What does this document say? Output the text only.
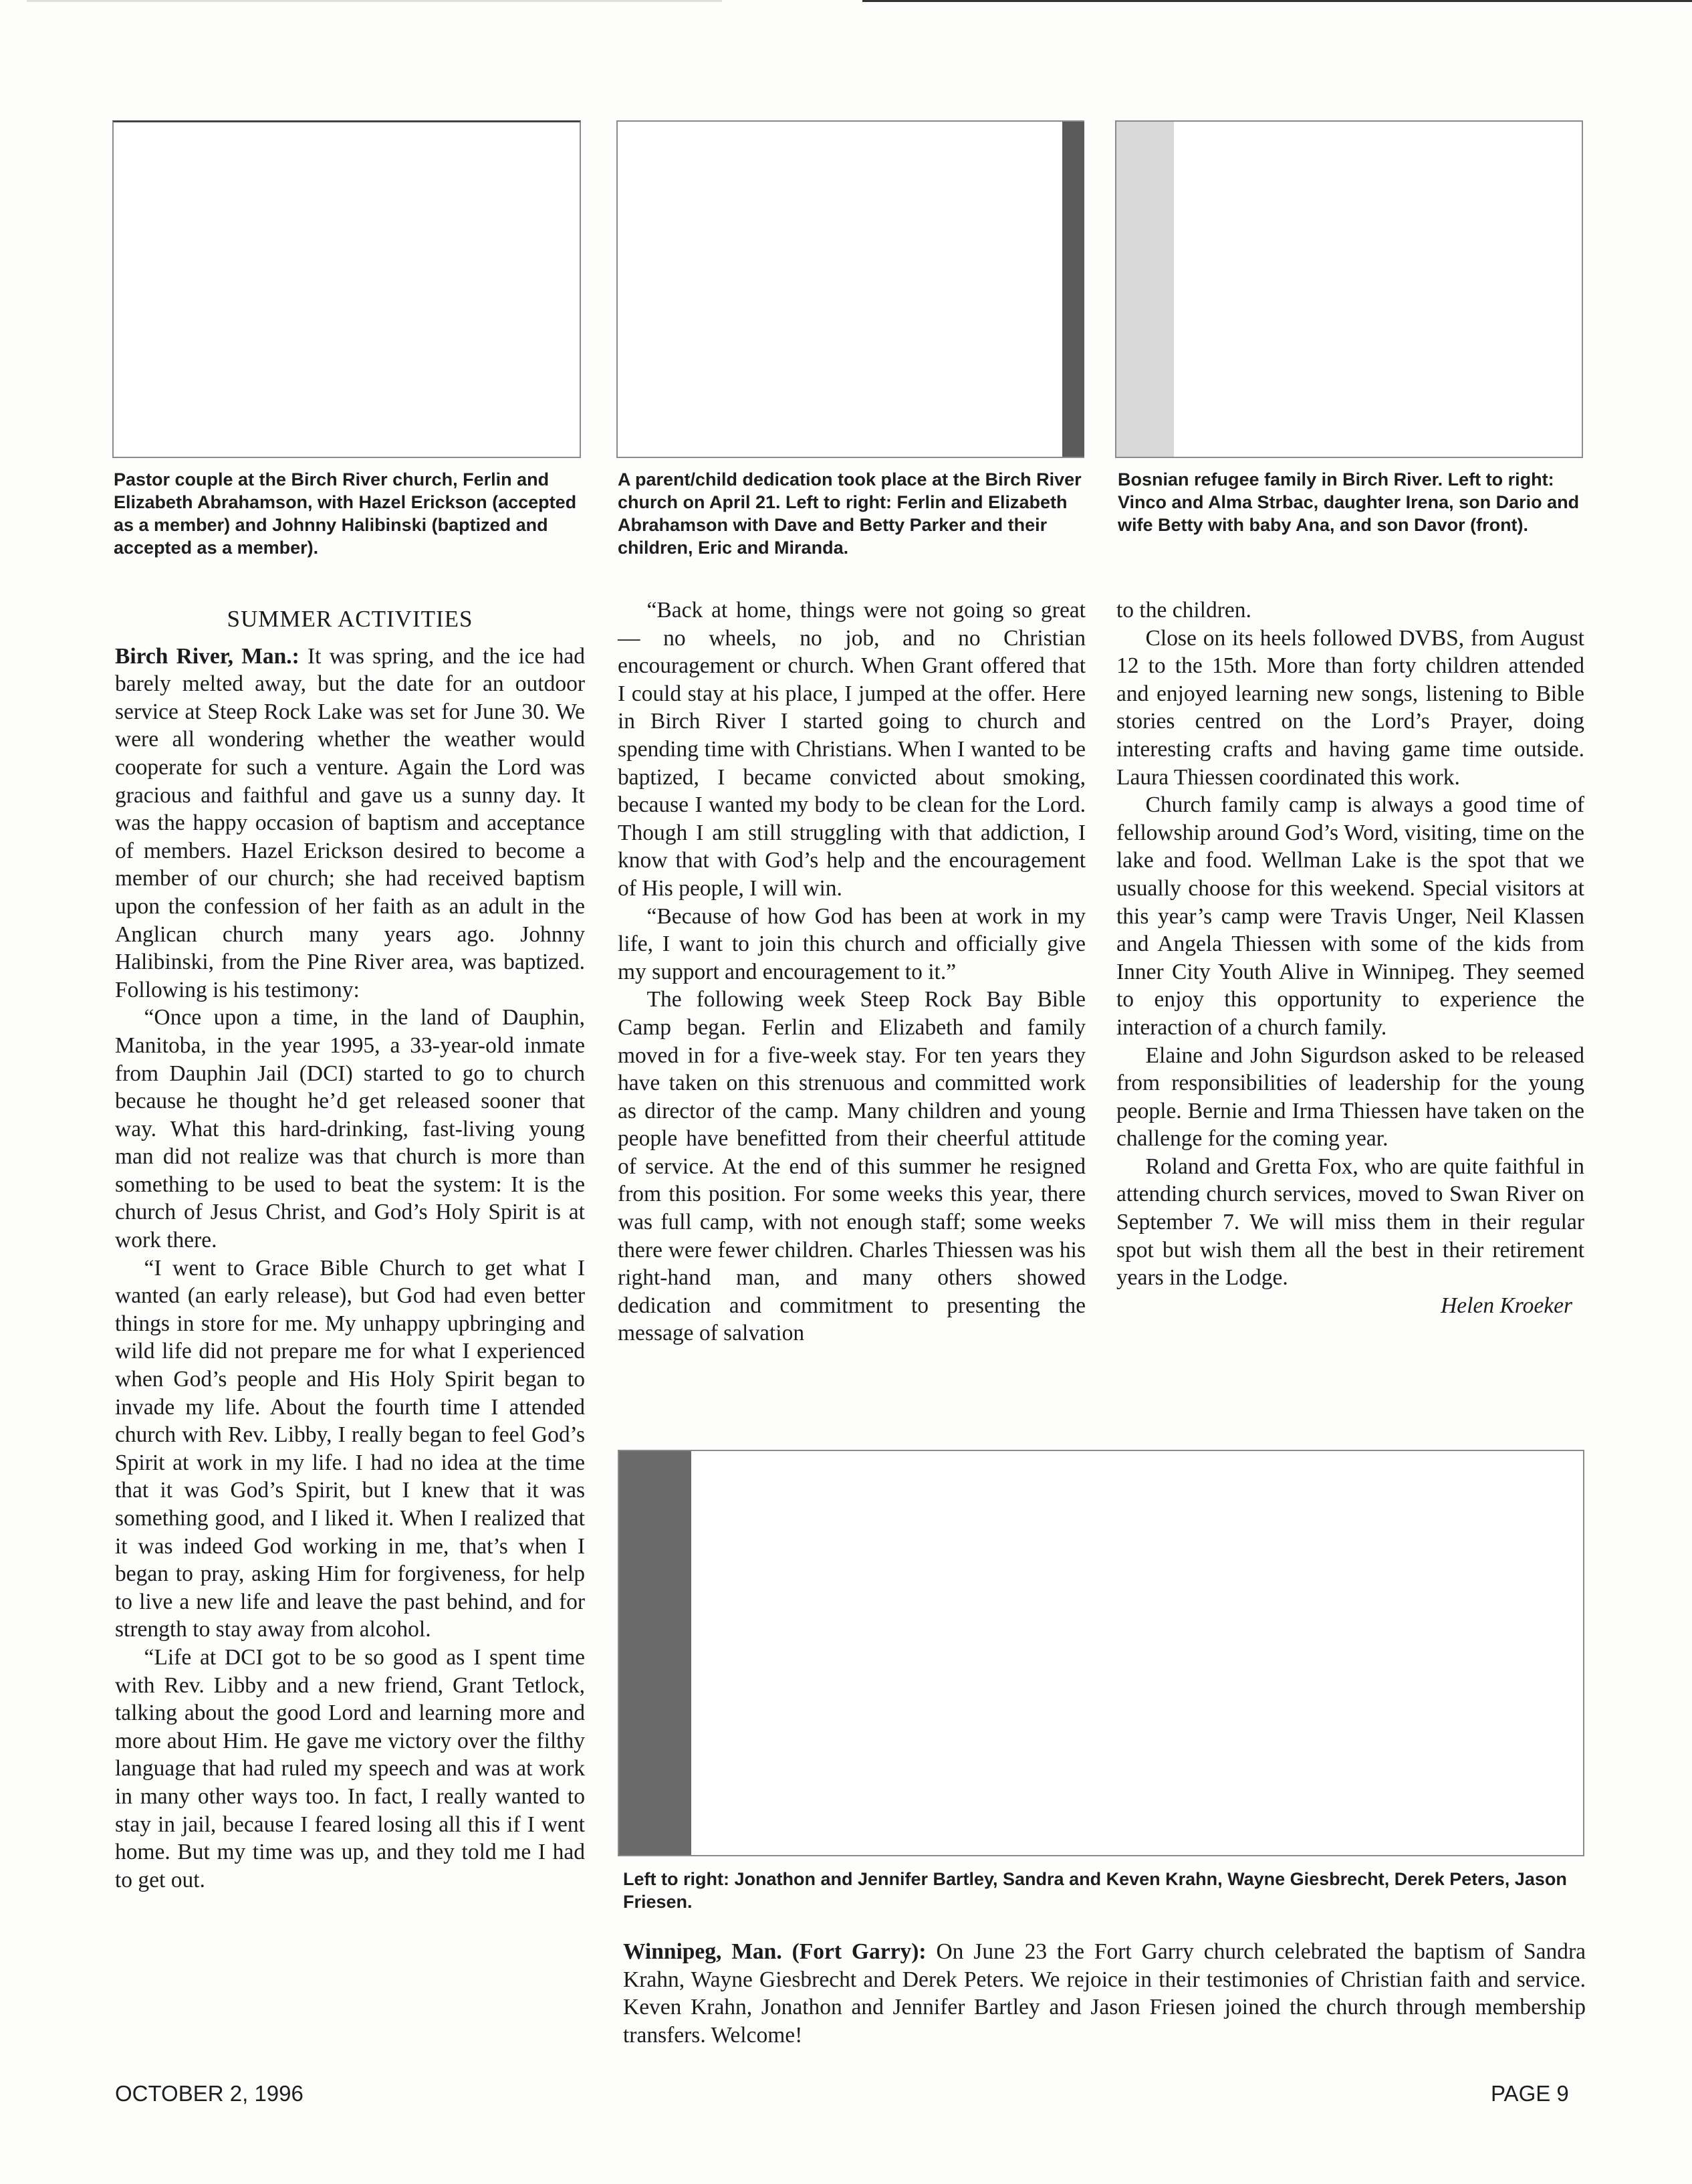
Pastor couple at the Birch River church, Ferlin and Elizabeth Abrahamson, with Hazel Erickson (accepted as a member) and Johnny Halibinski (baptized and accepted as a member).
A parent/child dedication took place at the Birch River church on April 21. Left to right: Ferlin and Elizabeth Abrahamson with Dave and Betty Parker and their children, Eric and Miranda.
Bosnian refugee family in Birch River. Left to right: Vinco and Alma Strbac, daughter Irena, son Dario and wife Betty with baby Ana, and son Davor (front).
SUMMER ACTIVITIES

Birch River, Man.: It was spring, and the ice had barely melted away, but the date for an outdoor service at Steep Rock Lake was set for June 30. We were all wondering whether the weather would cooperate for such a venture. Again the Lord was gracious and faithful and gave us a sunny day. It was the happy occasion of baptism and acceptance of members. Hazel Erickson desired to become a member of our church; she had received baptism upon the confession of her faith as an adult in the Anglican church many years ago. Johnny Halibinski, from the Pine River area, was baptized. Following is his testimony:

“Once upon a time, in the land of Dauphin, Manitoba, in the year 1995, a 33-year-old inmate from Dauphin Jail (DCI) started to go to church because he thought he’d get released sooner that way. What this hard-drinking, fast-living young man did not realize was that church is more than something to be used to beat the system: It is the church of Jesus Christ, and God’s Holy Spirit is at work there.

“I went to Grace Bible Church to get what I wanted (an early release), but God had even better things in store for me. My unhappy upbringing and wild life did not prepare me for what I experienced when God’s people and His Holy Spirit began to invade my life. About the fourth time I attended church with Rev. Libby, I really began to feel God’s Spirit at work in my life. I had no idea at the time that it was God’s Spirit, but I knew that it was something good, and I liked it. When I realized that it was indeed God working in me, that’s when I began to pray, asking Him for forgiveness, for help to live a new life and leave the past behind, and for strength to stay away from alcohol.

“Life at DCI got to be so good as I spent time with Rev. Libby and a new friend, Grant Tetlock, talking about the good Lord and learning more and more about Him. He gave me victory over the filthy language that had ruled my speech and was at work in many other ways too. In fact, I really wanted to stay in jail, because I feared losing all this if I went home. But my time was up, and they told me I had to get out.

“Back at home, things were not going so great — no wheels, no job, and no Christian encouragement or church. When Grant offered that I could stay at his place, I jumped at the offer. Here in Birch River I started going to church and spending time with Christians. When I wanted to be baptized, I became convicted about smoking, because I wanted my body to be clean for the Lord. Though I am still struggling with that addiction, I know that with God’s help and the encouragement of His people, I will win.

“Because of how God has been at work in my life, I want to join this church and officially give my support and encouragement to it.”

The following week Steep Rock Bay Bible Camp began. Ferlin and Elizabeth and family moved in for a five-week stay. For ten years they have taken on this strenuous and committed work as director of the camp. Many children and young people have benefitted from their cheerful attitude of service. At the end of this summer he resigned from this position. For some weeks this year, there was full camp, with not enough staff; some weeks there were fewer children. Charles Thiessen was his right-hand man, and many others showed dedication and commitment to presenting the message of salvation

to the children.

Close on its heels followed DVBS, from August 12 to the 15th. More than forty children attended and enjoyed learning new songs, listening to Bible stories centred on the Lord’s Prayer, doing interesting crafts and having game time outside. Laura Thiessen coordinated this work.

Church family camp is always a good time of fellowship around God’s Word, visiting, time on the lake and food. Wellman Lake is the spot that we usually choose for this weekend. Special visitors at this year’s camp were Travis Unger, Neil Klassen and Angela Thiessen with some of the kids from Inner City Youth Alive in Winnipeg. They seemed to enjoy this opportunity to experience the interaction of a church family.

Elaine and John Sigurdson asked to be released from responsibilities of leadership for the young people. Bernie and Irma Thiessen have taken on the challenge for the coming year.

Roland and Gretta Fox, who are quite faithful in attending church services, moved to Swan River on September 7. We will miss them in their regular spot but wish them all the best in their retirement years in the Lodge.

Helen Kroeker

Left to right: Jonathon and Jennifer Bartley, Sandra and Keven Krahn, Wayne Giesbrecht, Derek Peters, Jason Friesen.

Winnipeg, Man. (Fort Garry): On June 23 the Fort Garry church celebrated the baptism of Sandra Krahn, Wayne Giesbrecht and Derek Peters. We rejoice in their testimonies of Christian faith and service. Keven Krahn, Jonathon and Jennifer Bartley and Jason Friesen joined the church through membership transfers. Welcome!

OCTOBER 2, 1996	PAGE 9
